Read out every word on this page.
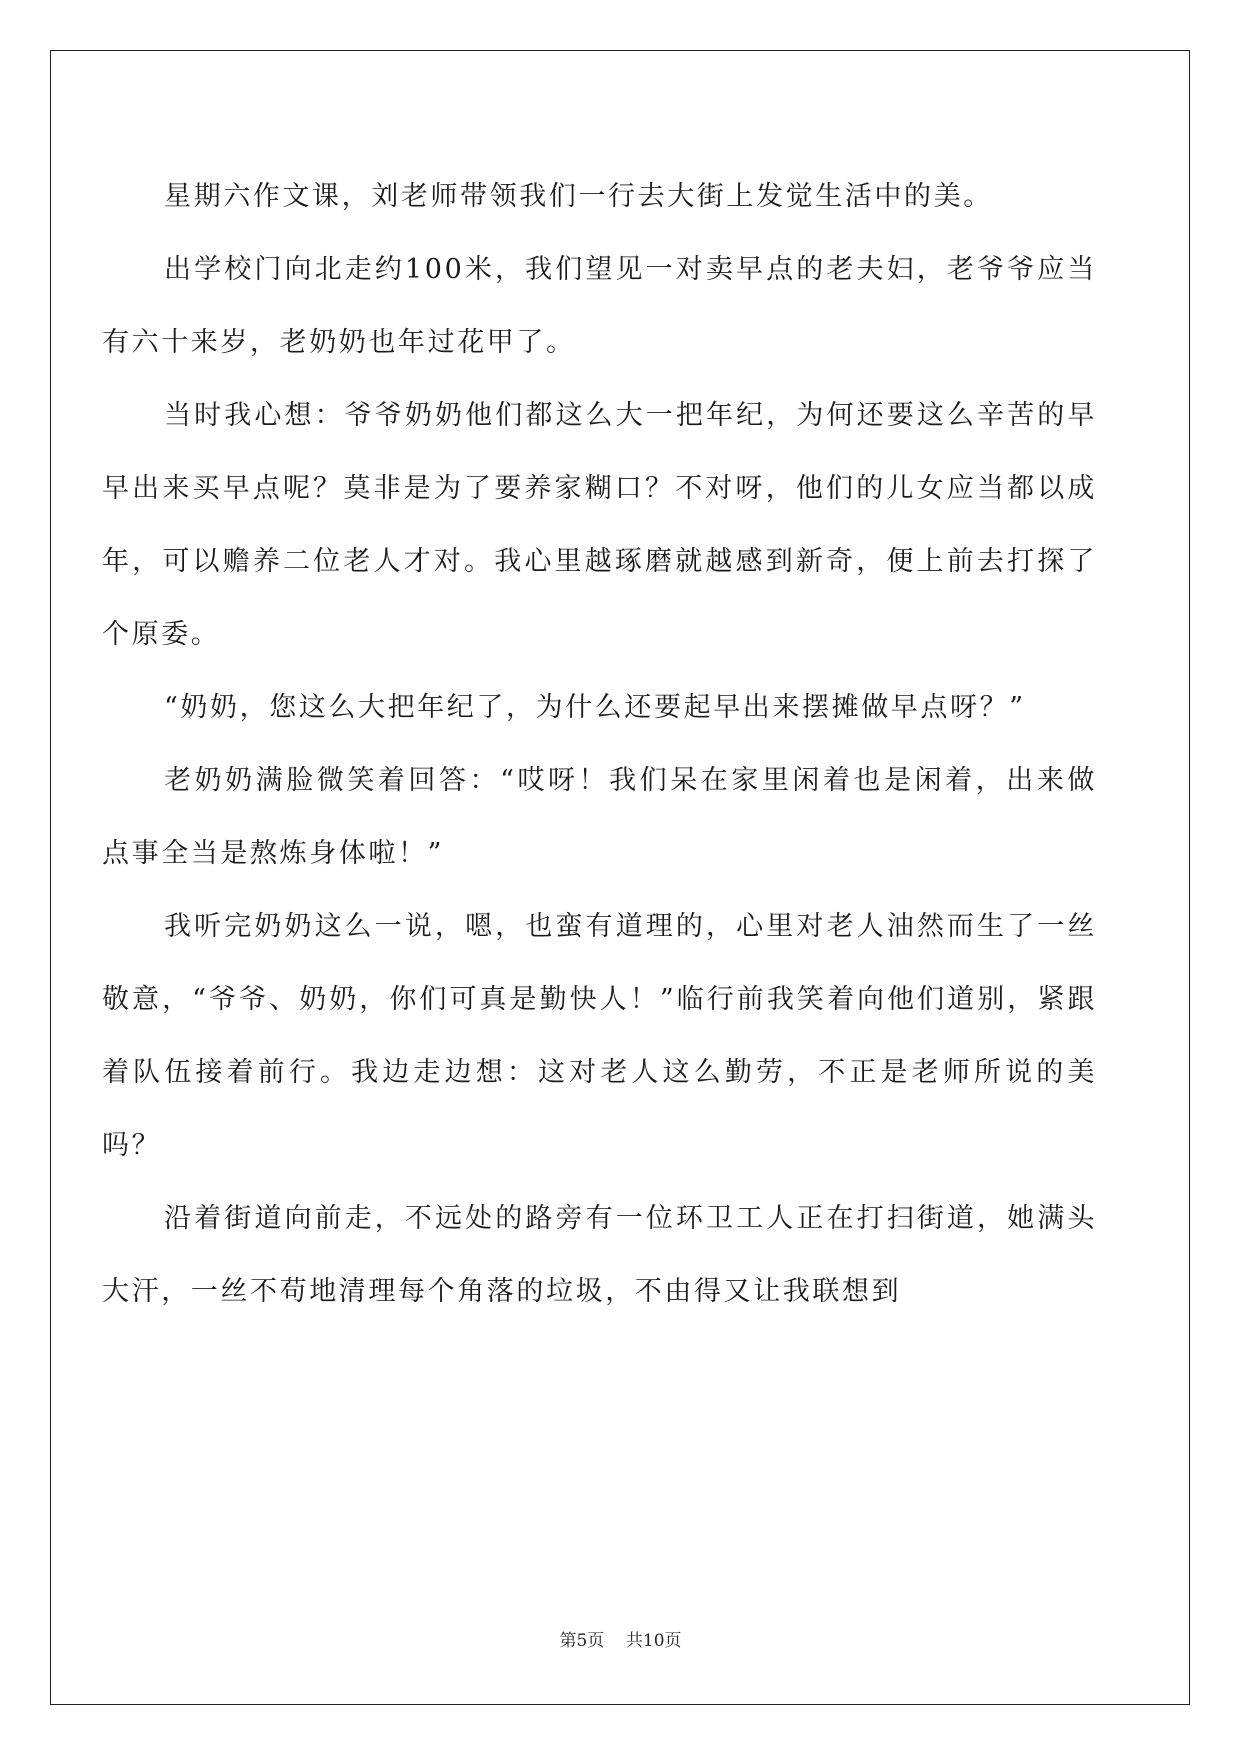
星期六作文课，刘老师带领我们一行去大街上发觉生活中的美。

出学校门向北走约100米，我们望见一对卖早点的老夫妇，老爷爷应当有六十来岁，老奶奶也年过花甲了。

当时我心想：爷爷奶奶他们都这么大一把年纪，为何还要这么辛苦的早早出来买早点呢？莫非是为了要养家糊口？不对呀，他们的儿女应当都以成年，可以赡养二位老人才对。我心里越琢磨就越感到新奇，便上前去打探了个原委。

“奶奶，您这么大把年纪了，为什么还要起早出来摆摊做早点呀？”

老奶奶满脸微笑着回答：“哎呀！我们呆在家里闲着也是闲着，出来做点事全当是熬炼身体啦！”

我听完奶奶这么一说，嗯，也蛮有道理的，心里对老人油然而生了一丝敬意，“爷爷、奶奶，你们可真是勤快人！”临行前我笑着向他们道别，紧跟着队伍接着前行。我边走边想：这对老人这么勤劳，不正是老师所说的美吗？

沿着街道向前走，不远处的路旁有一位环卫工人正在打扫街道，她满头大汗，一丝不苟地清理每个角落的垃圾，不由得又让我联想到

第5页 共10页
